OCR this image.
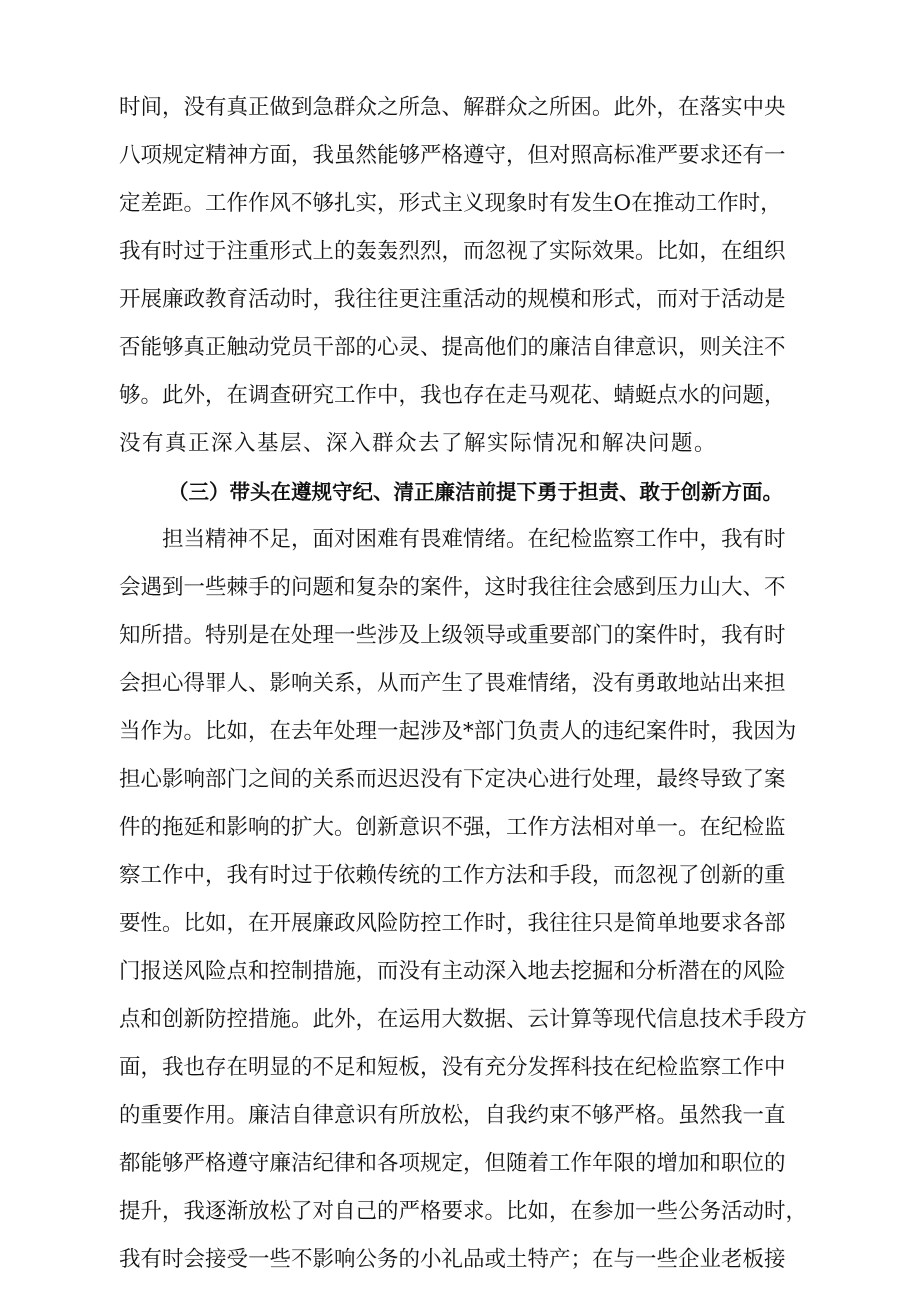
时间，没有真正做到急群众之所急、解群众之所困。此外，在落实中央
八项规定精神方面，我虽然能够严格遵守，但对照高标准严要求还有一
定差距。工作作风不够扎实，形式主义现象时有发生O在推动工作时，
我有时过于注重形式上的轰轰烈烈，而忽视了实际效果。比如，在组织
开展廉政教育活动时，我往往更注重活动的规模和形式，而对于活动是
否能够真正触动党员干部的心灵、提高他们的廉洁自律意识，则关注不
够。此外，在调查研究工作中，我也存在走马观花、蜻蜓点水的问题，
没有真正深入基层、深入群众去了解实际情况和解决问题。
（三）带头在遵规守纪、清正廉洁前提下勇于担责、敢于创新方面。
　　担当精神不足，面对困难有畏难情绪。在纪检监察工作中，我有时
会遇到一些棘手的问题和复杂的案件，这时我往往会感到压力山大、不
知所措。特别是在处理一些涉及上级领导或重要部门的案件时，我有时
会担心得罪人、影响关系，从而产生了畏难情绪，没有勇敢地站出来担
当作为。比如，在去年处理一起涉及*部门负责人的违纪案件时，我因为
担心影响部门之间的关系而迟迟没有下定决心进行处理，最终导致了案
件的拖延和影响的扩大。创新意识不强，工作方法相对单一。在纪检监
察工作中，我有时过于依赖传统的工作方法和手段，而忽视了创新的重
要性。比如，在开展廉政风险防控工作时，我往往只是简单地要求各部
门报送风险点和控制措施，而没有主动深入地去挖掘和分析潜在的风险
点和创新防控措施。此外，在运用大数据、云计算等现代信息技术手段方
面，我也存在明显的不足和短板，没有充分发挥科技在纪检监察工作中
的重要作用。廉洁自律意识有所放松，自我约束不够严格。虽然我一直
都能够严格遵守廉洁纪律和各项规定，但随着工作年限的增加和职位的
提升，我逐渐放松了对自己的严格要求。比如，在参加一些公务活动时，
我有时会接受一些不影响公务的小礼品或土特产；在与一些企业老板接
